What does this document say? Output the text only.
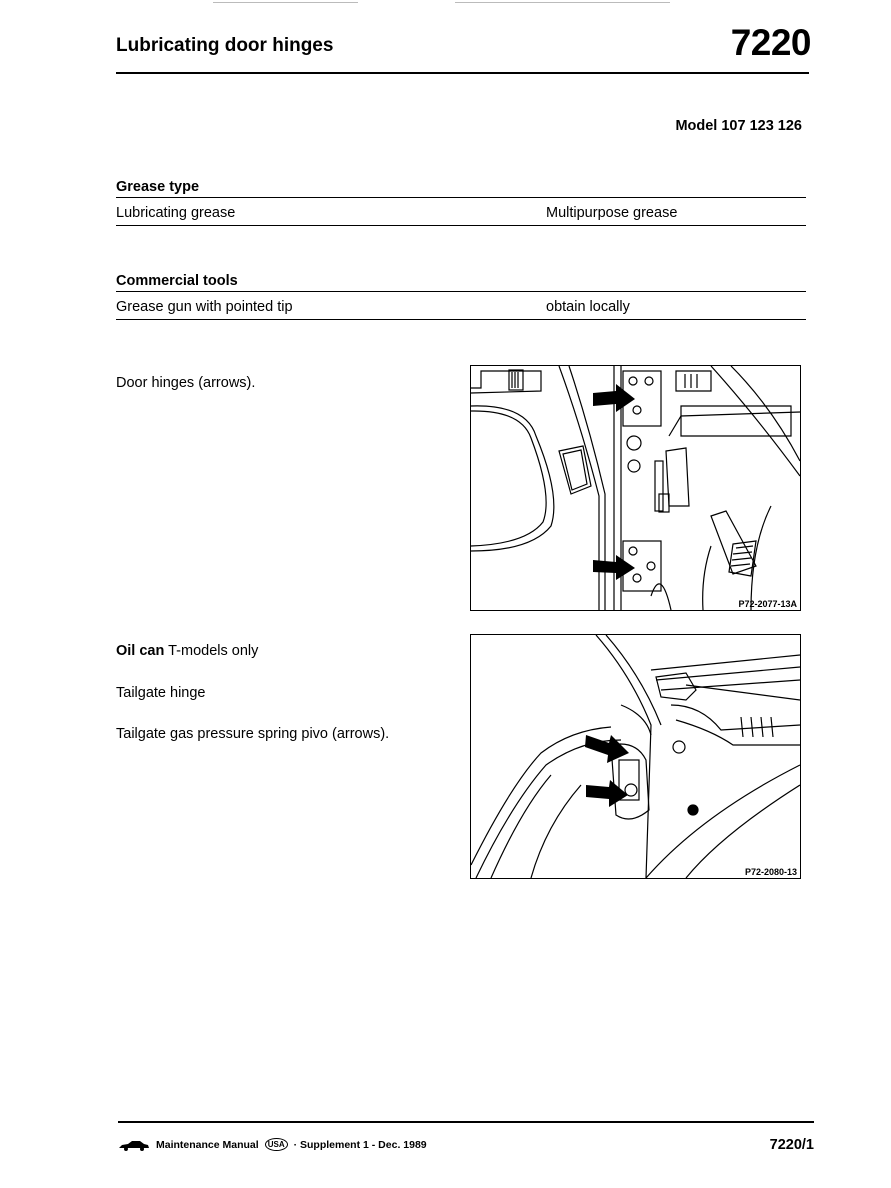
Lubricating door hinges	7220
Model 107 123 126
Grease type
Lubricating grease	Multipurpose grease
Commercial tools
Grease gun with pointed tip	obtain locally
Door hinges (arrows).
P72-2077-13A
Oil can T-models only
Tailgate hinge
Tailgate gas pressure spring pivo (arrows).
P72-2080-13
Maintenance Manual	USA · Supplement 1 - Dec. 1989	7220/1
